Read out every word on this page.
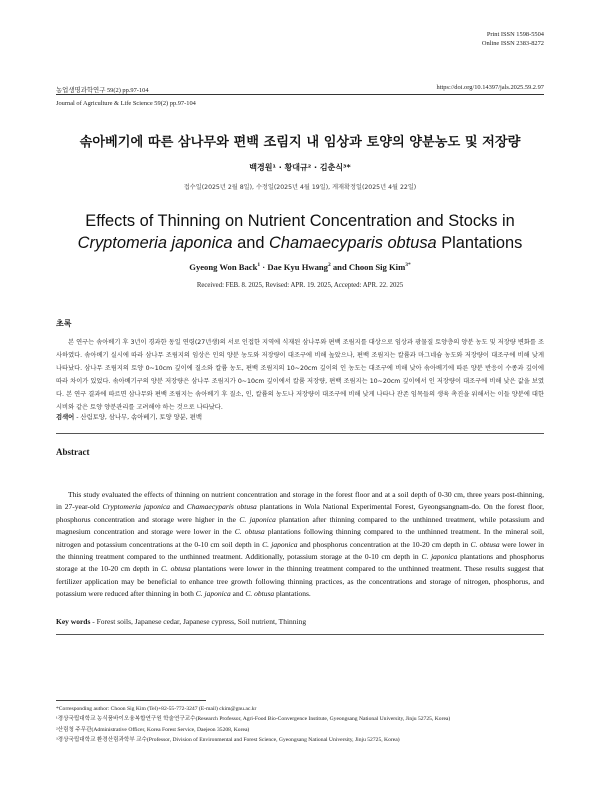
Print ISSN 1598-5504
Online ISSN 2383-8272
농업생명과학연구 59(2) pp.97-104	https://doi.org/10.14397/jals.2025.59.2.97
Journal of Agriculture & Life Science 59(2) pp.97-104
솎아베기에 따른 삼나무와 편백 조림지 내 임상과 토양의 양분농도 및 저장량
백경원¹ · 황대규² · 김춘식³*
접수일(2025년 2월 8일), 수정일(2025년 4월 19일), 게재확정일(2025년 4월 22일)
Effects of Thinning on Nutrient Concentration and Stocks in
Cryptomeria japonica and Chamaecyparis obtusa Plantations
Gyeong Won Back$^1$ · Dae Kyu Hwang$^2$ and Choon Sig Kim$^{3*}$
Received: FEB. 8. 2025, Revised: APR. 19. 2025, Accepted: APR. 22. 2025
초록
본 연구는 솎아베기 후 3년이 경과한 동일 연령(27년생)의 서로 인접한 지역에 식재된 삼나무와 편백 조림지를 대상으로 임상과 광물질 토양층의 양분 농도 및 저장량 변화를 조사하였다. 솎아베기 실시에 따라 삼나무 조림지의 임상은 인의 양분 농도와 저장량이 대조구에 비해 높았으나, 편백 조림지는 칼륨과 마그네슘 농도와 저장량이 대조구에 비해 낮게 나타났다. 삼나무 조림지의 토양 0~10cm 깊이에 질소와 칼륨 농도, 편백 조림지의 10~20cm 깊이의 인 농도는 대조구에 비해 낮아 솎아베기에 따른 양분 반응이 수종과 깊이에 따라 차이가 있었다. 솎아베기구의 양분 저장량은 삼나무 조림지가 0~10cm 깊이에서 칼륨 저장량, 편백 조림지는 10~20cm 깊이에서 인 저장량이 대조구에 비해 낮은 값을 보였다. 본 연구 결과에 따르면 삼나무와 편백 조림지는 솎아베기 후 질소, 인, 칼륨의 농도나 저장량이 대조구에 비해 낮게 나타나 잔존 임목들의 생육 촉진을 위해서는 이들 양분에 대한 시비와 같은 토양 양분관리를 고려해야 하는 것으로 나타났다.
검색어 - 산림토양, 삼나무, 솎아베기, 토양 양분, 편백
Abstract
This study evaluated the effects of thinning on nutrient concentration and storage in the forest floor and at a soil depth of 0-30 cm, three years post-thinning, in 27-year-old Cryptomeria japonica and Chamaecyparis obtusa plantations in Wola National Experimental Forest, Gyeongsangnam-do. On the forest floor, phosphorus concentration and storage were higher in the C. japonica plantation after thinning compared to the unthinned treatment, while potassium and magnesium concentration and storage were lower in the C. obtusa plantations following thinning compared to the unthinned treatment. In the mineral soil, nitrogen and potassium concentrations at the 0-10 cm soil depth in C. japonica and phosphorus concentration at the 10-20 cm depth in C. obtusa were lower in the thinning treatment compared to the unthinned treatment. Additionally, potassium storage at the 0-10 cm depth in C. japonica plantations and phosphorus storage at the 10-20 cm depth in C. obtusa plantations were lower in the thinning treatment compared to the unthinned treatment. These results suggest that fertilizer application may be beneficial to enhance tree growth following thinning practices, as the concentrations and storage of nitrogen, phosphorus, and potassium were reduced after thinning in both C. japonica and C. obtusa plantations.
Key words - Forest soils, Japanese cedar, Japanese cypress, Soil nutrient, Thinning

*Corresponding author: Choon Sig Kim (Tel)+82-55-772-3247 (E-mail) ckim@gnu.ac.kr

¹경상국립대학교 농식품바이오융복합연구원 학술연구교수(Research Professor, Agri-Food Bio-Convergence Institute, Gyeongsang National University, Jinju 52725, Korea)

²산림청 주무관(Administrative Officer, Korea Forest Service, Daejeon 35208, Korea)

³경상국립대학교 환경산림과학부 교수(Professor, Division of Environmental and Forest Science, Gyeongsang National University, Jinju 52725, Korea)
